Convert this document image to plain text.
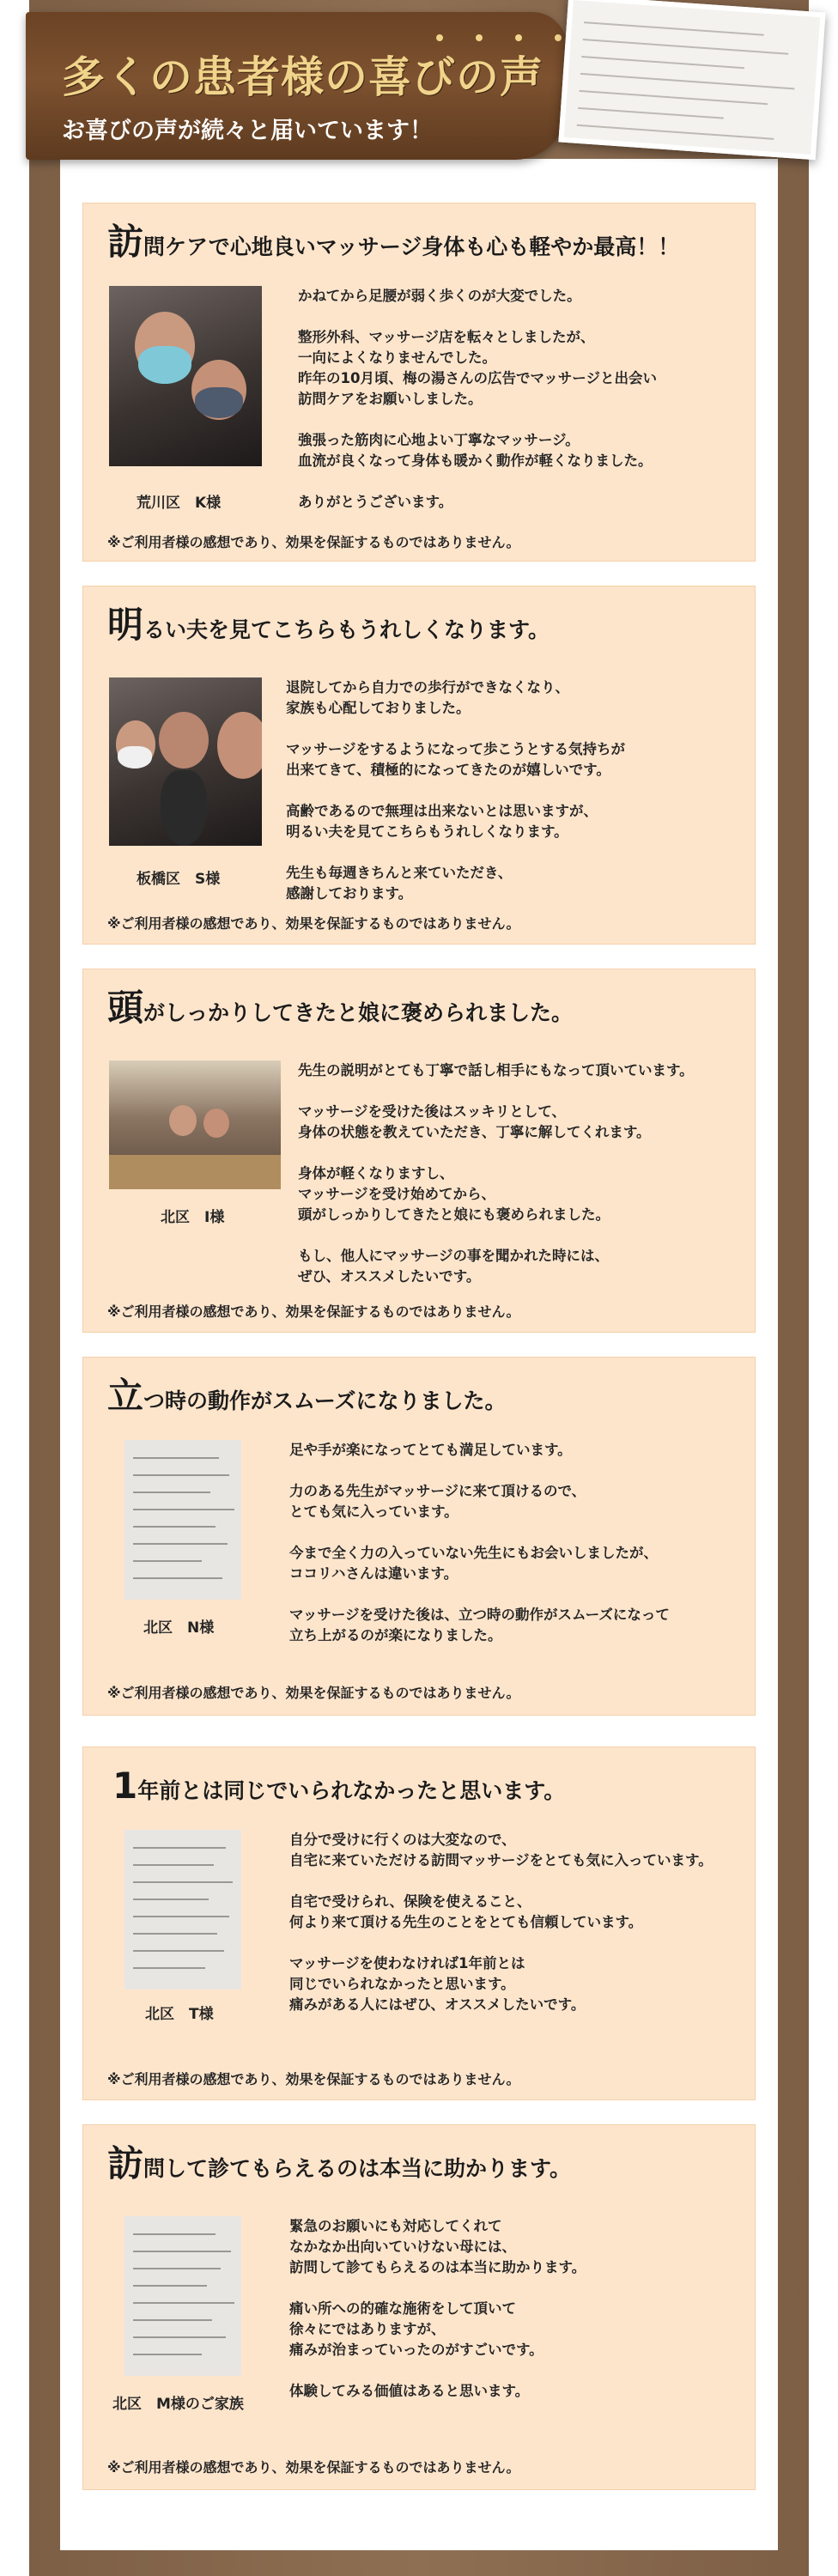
多くの患者様の喜びの声
お喜びの声が続々と届いています！
訪問ケアで心地良いマッサージ身体も心も軽やか最高！！
荒川区　K様

かねてから足腰が弱く歩くのが大変でした。

整形外科、マッサージ店を転々としましたが、
一向によくなりませんでした。
昨年の10月頃、梅の湯さんの広告でマッサージと出会い
訪問ケアをお願いしました。

強張った筋肉に心地よい丁寧なマッサージ。
血流が良くなって身体も暖かく動作が軽くなりました。

ありがとうございます。

※ご利用者様の感想であり、効果を保証するものではありません。
明るい夫を見てこちらもうれしくなります。
板橋区　S様

退院してから自力での歩行ができなくなり、
家族も心配しておりました。

マッサージをするようになって歩こうとする気持ちが
出来てきて、積極的になってきたのが嬉しいです。

高齢であるので無理は出来ないとは思いますが、
明るい夫を見てこちらもうれしくなります。

先生も毎週きちんと来ていただき、
感謝しております。

※ご利用者様の感想であり、効果を保証するものではありません。
頭がしっかりしてきたと娘に褒められました。
北区　I様

先生の説明がとても丁寧で話し相手にもなって頂いています。

マッサージを受けた後はスッキリとして、
身体の状態を教えていただき、丁寧に解してくれます。

身体が軽くなりますし、
マッサージを受け始めてから、
頭がしっかりしてきたと娘にも褒められました。

もし、他人にマッサージの事を聞かれた時には、
ぜひ、オススメしたいです。

※ご利用者様の感想であり、効果を保証するものではありません。
立つ時の動作がスムーズになりました。
北区　N様

足や手が楽になってとても満足しています。

力のある先生がマッサージに来て頂けるので、
とても気に入っています。

今まで全く力の入っていない先生にもお会いしましたが、
ココリハさんは違います。

マッサージを受けた後は、立つ時の動作がスムーズになって
立ち上がるのが楽になりました。

※ご利用者様の感想であり、効果を保証するものではありません。
1年前とは同じでいられなかったと思います。
北区　T様

自分で受けに行くのは大変なので、
自宅に来ていただける訪問マッサージをとても気に入っています。

自宅で受けられ、保険を使えること、
何より来て頂ける先生のことをとても信頼しています。

マッサージを使わなければ1年前とは
同じでいられなかったと思います。
痛みがある人にはぜひ、オススメしたいです。

※ご利用者様の感想であり、効果を保証するものではありません。
訪問して診てもらえるのは本当に助かります。
北区　M様のご家族

緊急のお願いにも対応してくれて
なかなか出向いていけない母には、
訪問して診てもらえるのは本当に助かります。

痛い所への的確な施術をして頂いて
徐々にではありますが、
痛みが治まっていったのがすごいです。

体験してみる価値はあると思います。

※ご利用者様の感想であり、効果を保証するものではありません。
